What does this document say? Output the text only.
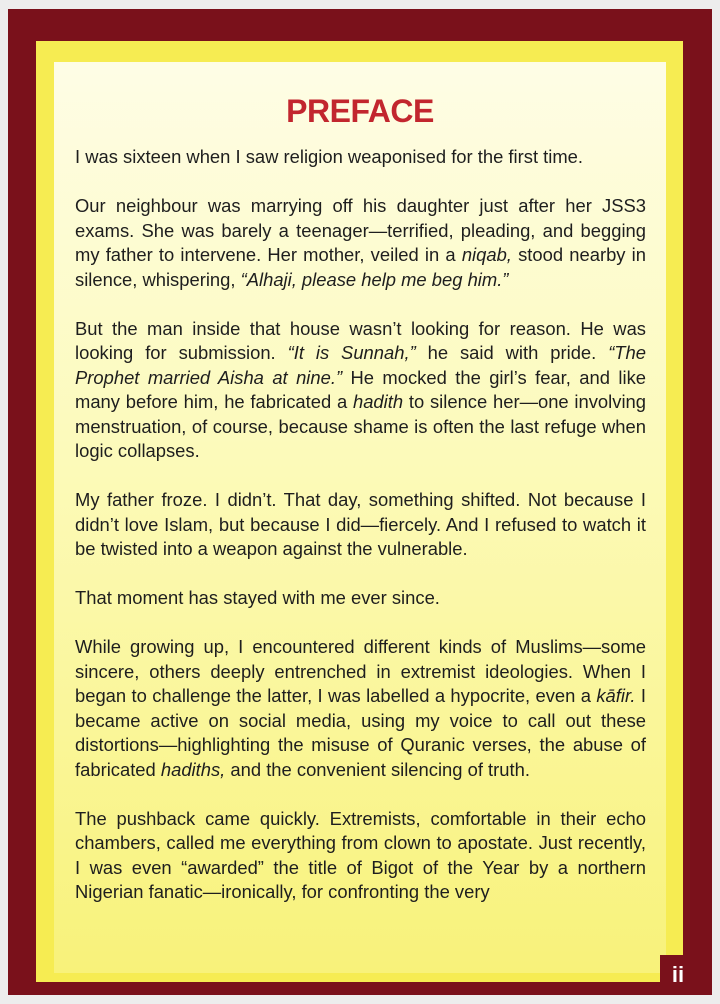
PREFACE

I was sixteen when I saw religion weaponised for the first time.

Our neighbour was marrying off his daughter just after her JSS3 exams. She was barely a teenager—terrified, pleading, and begging my father to intervene. Her mother, veiled in a niqab, stood nearby in silence, whispering, “Alhaji, please help me beg him.”

But the man inside that house wasn’t looking for reason. He was looking for submission. “It is Sunnah,” he said with pride. “The Prophet married Aisha at nine.” He mocked the girl’s fear, and like many before him, he fabricated a hadith to silence her—one involving menstruation, of course, because shame is often the last refuge when logic collapses.

My father froze. I didn’t. That day, something shifted. Not because I didn’t love Islam, but because I did—fiercely. And I refused to watch it be twisted into a weapon against the vulnerable.

That moment has stayed with me ever since.

While growing up, I encountered different kinds of Muslims—some sincere, others deeply entrenched in extremist ideologies. When I began to challenge the latter, I was labelled a hypocrite, even a kāfir. I became active on social media, using my voice to call out these distortions—highlighting the misuse of Quranic verses, the abuse of fabricated hadiths, and the convenient silencing of truth.

The pushback came quickly. Extremists, comfortable in their echo chambers, called me everything from clown to apostate. Just recently, I was even “awarded” the title of Bigot of the Year by a northern Nigerian fanatic—ironically, for confronting the very

ii
